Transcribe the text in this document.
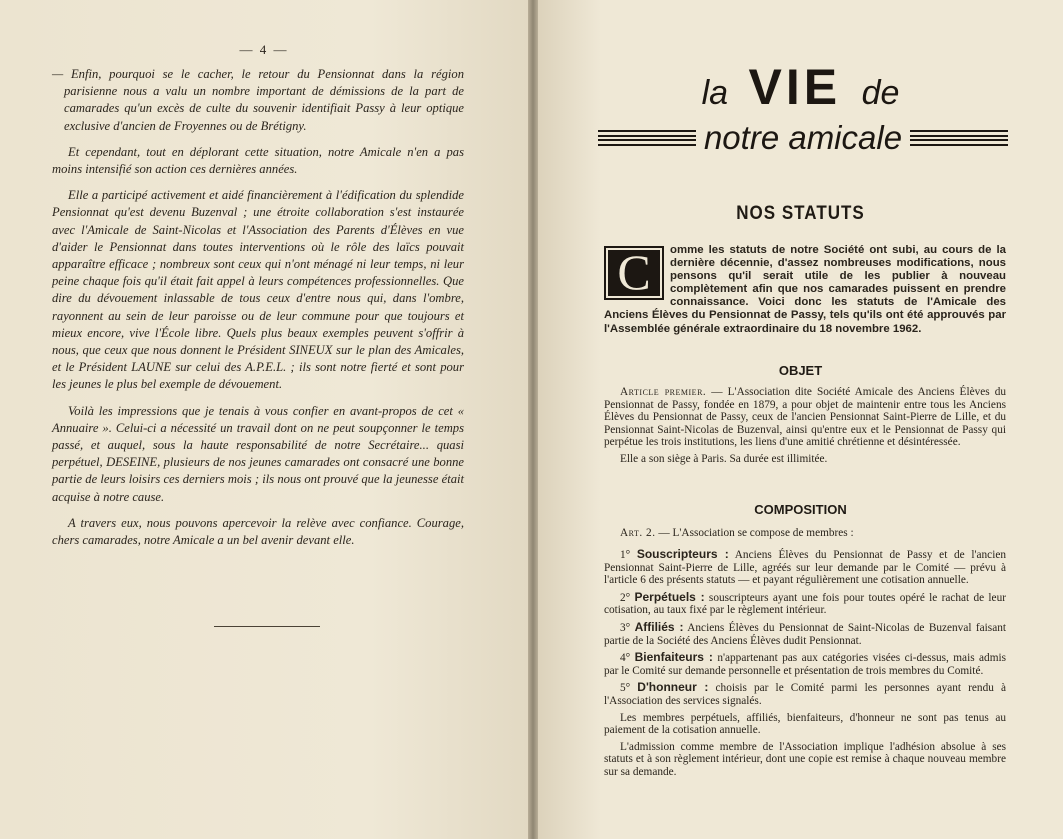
— 4 —

— Enfin, pourquoi se le cacher, le retour du Pensionnat dans la région parisienne nous a valu un nombre important de démissions de la part de camarades qu'un excès de culte du souvenir identifiait Passy à leur optique exclusive d'ancien de Froyennes ou de Brétigny.

Et cependant, tout en déplorant cette situation, notre Amicale n'en a pas moins intensifié son action ces dernières années.

Elle a participé activement et aidé financièrement à l'édification du splendide Pensionnat qu'est devenu Buzenval ; une étroite collaboration s'est instaurée avec l'Amicale de Saint-Nicolas et l'Association des Parents d'Élèves en vue d'aider le Pensionnat dans toutes interventions où le rôle des laïcs pouvait apparaître efficace ; nombreux sont ceux qui n'ont ménagé ni leur temps, ni leur peine chaque fois qu'il était fait appel à leurs compétences professionnelles. Que dire du dévouement inlassable de tous ceux d'entre nous qui, dans l'ombre, rayonnent au sein de leur paroisse ou de leur commune pour que toujours et mieux encore, vive l'École libre. Quels plus beaux exemples peuvent s'offrir à nous, que ceux que nous donnent le Président SINEUX sur le plan des Amicales, et le Président LAUNE sur celui des A.P.E.L. ; ils sont notre fierté et sont pour les jeunes le plus bel exemple de dévouement.

Voilà les impressions que je tenais à vous confier en avant-propos de cet « Annuaire ». Celui-ci a nécessité un travail dont on ne peut soupçonner le temps passé, et auquel, sous la haute responsabilité de notre Secrétaire... quasi perpétuel, DESEINE, plusieurs de nos jeunes camarades ont consacré une bonne partie de leurs loisirs ces derniers mois ; ils nous ont prouvé que la jeunesse était acquise à notre cause.

A travers eux, nous pouvons apercevoir la relève avec confiance. Courage, chers camarades, notre Amicale a un bel avenir devant elle.

la VIE de
notre amicale
NOS STATUTS
C	omme les statuts de notre Société ont subi, au cours de la dernière décennie, d'assez nombreuses modifications, nous pensons qu'il serait utile de les publier à nouveau complètement afin que nos camarades puissent en prendre connaissance. Voici donc les statuts de l'Amicale des Anciens Élèves du Pensionnat de Passy, tels qu'ils ont été approuvés par l'Assemblée générale extraordinaire du 18 novembre 1962.
OBJET

Article premier. — L'Association dite Société Amicale des Anciens Élèves du Pensionnat de Passy, fondée en 1879, a pour objet de maintenir entre tous les Anciens Élèves du Pensionnat de Passy, ceux de l'ancien Pensionnat Saint-Pierre de Lille, et du Pensionnat Saint-Nicolas de Buzenval, ainsi qu'entre eux et le Pensionnat de Passy qui perpétue les trois institutions, les liens d'une amitié chrétienne et désintéressée.

Elle a son siège à Paris. Sa durée est illimitée.

COMPOSITION

Art. 2. — L'Association se compose de membres :

1° Souscripteurs : Anciens Élèves du Pensionnat de Passy et de l'ancien Pensionnat Saint-Pierre de Lille, agréés sur leur demande par le Comité — prévu à l'article 6 des présents statuts — et payant régulièrement une cotisation annuelle.

2° Perpétuels : souscripteurs ayant une fois pour toutes opéré le rachat de leur cotisation, au taux fixé par le règlement intérieur.

3° Affiliés : Anciens Élèves du Pensionnat de Saint-Nicolas de Buzenval faisant partie de la Société des Anciens Élèves dudit Pensionnat.

4° Bienfaiteurs : n'appartenant pas aux catégories visées ci-dessus, mais admis par le Comité sur demande personnelle et présentation de trois membres du Comité.

5° D'honneur : choisis par le Comité parmi les personnes ayant rendu à l'Association des services signalés.

Les membres perpétuels, affiliés, bienfaiteurs, d'honneur ne sont pas tenus au paiement de la cotisation annuelle.

L'admission comme membre de l'Association implique l'adhésion absolue à ses statuts et à son règlement intérieur, dont une copie est remise à chaque nouveau membre sur sa demande.
